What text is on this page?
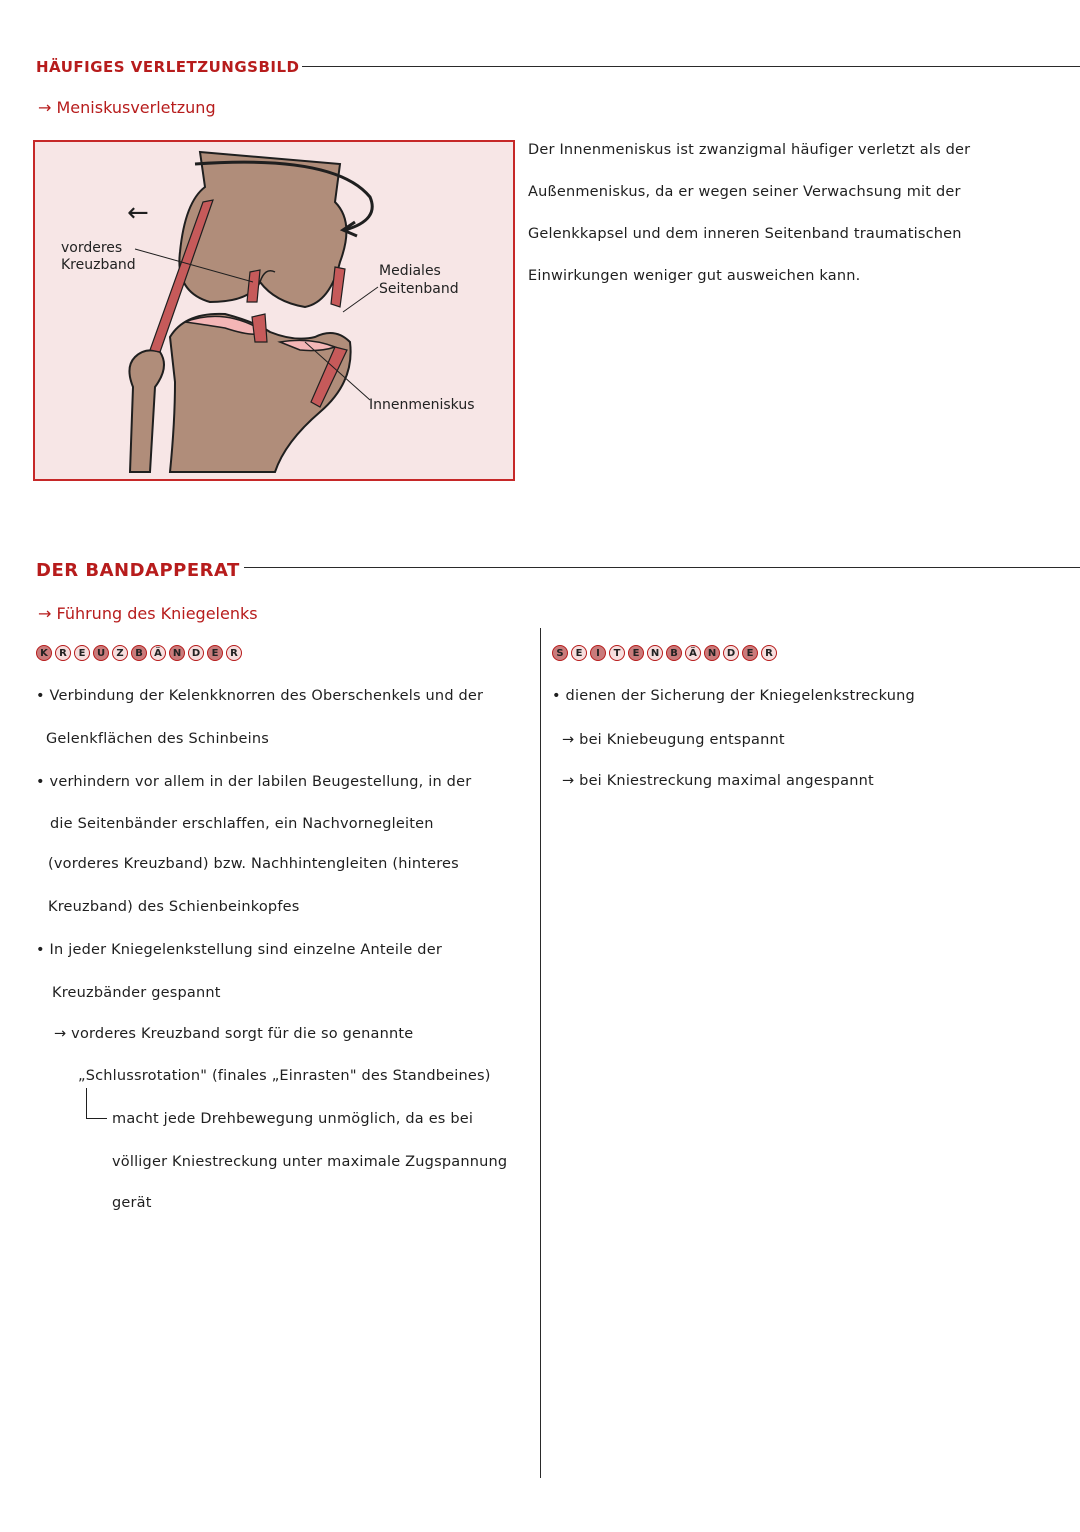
HÄUFIGES VERLETZUNGSBILD
→ Meniskusverletzung
←
vorderes
Kreuzband	Mediales
Seitenband
Innenmeniskus
Der Innenmeniskus ist zwanzigmal häufiger verletzt als der
Außenmeniskus, da er wegen seiner Verwachsung mit der
Gelenkkapsel und dem inneren Seitenband traumatischen
Einwirkungen weniger gut ausweichen kann.
DER BANDAPPERAT
→ Führung des Kniegelenks
K	R	E	U	Z	B	Ä	N	D	E	R
• Verbindung der Kelenkknorren des Oberschenkels und der
Gelenkflächen des Schinbeins
• verhindern vor allem in der labilen Beugestellung, in der
die Seitenbänder erschlaffen, ein Nachvornegleiten
(vorderes Kreuzband) bzw. Nachhintengleiten (hinteres
Kreuzband) des Schienbeinkopfes
• In jeder Kniegelenkstellung sind einzelne Anteile der
Kreuzbänder gespannt
→ vorderes Kreuzband sorgt für die so genannte
„Schlussrotation" (finales „Einrasten" des Standbeines)
macht jede Drehbewegung unmöglich, da es bei
völliger Kniestreckung unter maximale Zugspannung
gerät
S	E	I	T	E	N	B	Ä	N	D	E	R
• dienen der Sicherung der Kniegelenkstreckung
→ bei Kniebeugung entspannt
→ bei Kniestreckung maximal angespannt
